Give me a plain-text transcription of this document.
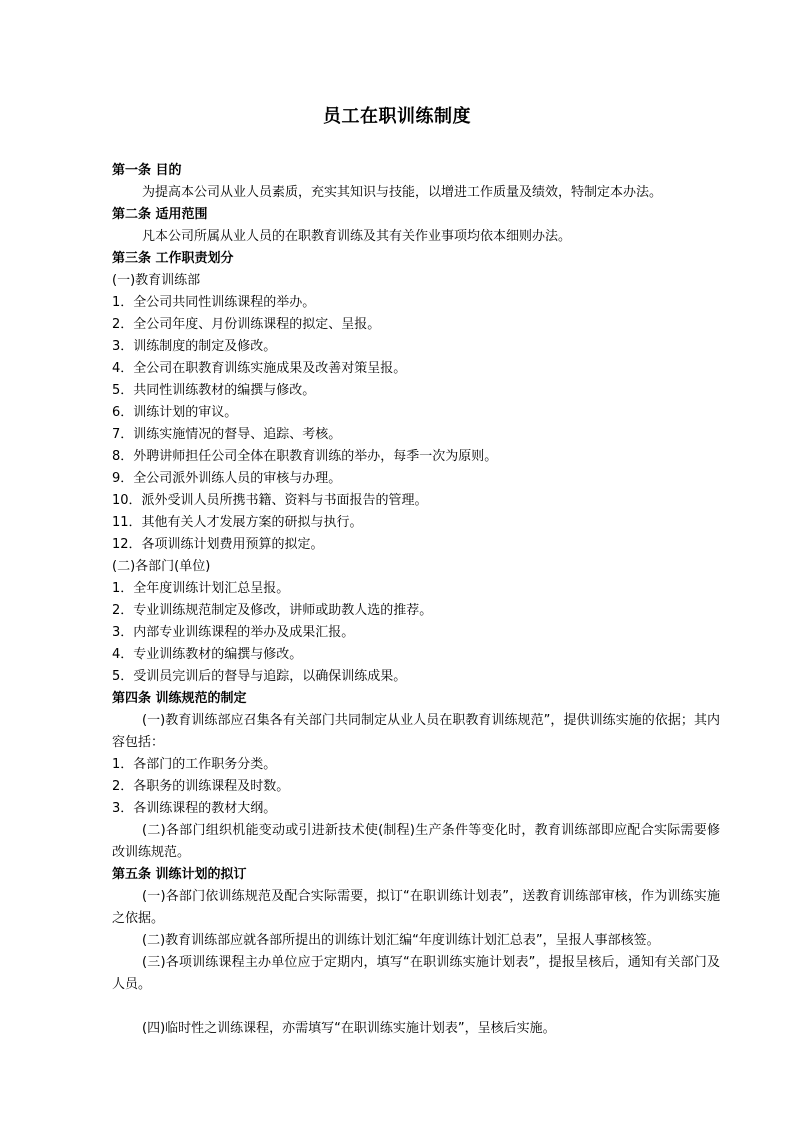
员工在职训练制度

第一条 目的

为提高本公司从业人员素质，充实其知识与技能，以增进工作质量及绩效，特制定本办法。

第二条 适用范围

凡本公司所属从业人员的在职教育训练及其有关作业事项均依本细则办法。

第三条 工作职责划分

(一)教育训练部

1．全公司共同性训练课程的举办。

2．全公司年度、月份训练课程的拟定、呈报。

3．训练制度的制定及修改。

4．全公司在职教育训练实施成果及改善对策呈报。

5．共同性训练教材的编撰与修改。

6．训练计划的审议。

7．训练实施情况的督导、追踪、考核。

8．外聘讲师担任公司全体在职教育训练的举办，每季一次为原则。

9．全公司派外训练人员的审核与办理。

10．派外受训人员所携书籍、资料与书面报告的管理。

11．其他有关人才发展方案的研拟与执行。

12．各项训练计划费用预算的拟定。

(二)各部门(单位)

1．全年度训练计划汇总呈报。

2．专业训练规范制定及修改，讲师或助教人选的推荐。

3．内部专业训练课程的举办及成果汇报。

4．专业训练教材的编撰与修改。

5．受训员完训后的督导与追踪，以确保训练成果。

第四条 训练规范的制定

(一)教育训练部应召集各有关部门共同制定从业人员在职教育训练规范”，提供训练实施的依据；其内容包括：

1．各部门的工作职务分类。

2．各职务的训练课程及时数。

3．各训练课程的教材大纲。

(二)各部门组织机能变动或引进新技术使(制程)生产条件等变化时，教育训练部即应配合实际需要修改训练规范。

第五条 训练计划的拟订

(一)各部门依训练规范及配合实际需要，拟订“在职训练计划表”，送教育训练部审核，作为训练实施之依据。

(二)教育训练部应就各部所提出的训练计划汇编“年度训练计划汇总表”，呈报人事部核签。

(三)各项训练课程主办单位应于定期内，填写“在职训练实施计划表”，提报呈核后，通知有关部门及人员。

(四)临时性之训练课程，亦需填写“在职训练实施计划表”，呈核后实施。
